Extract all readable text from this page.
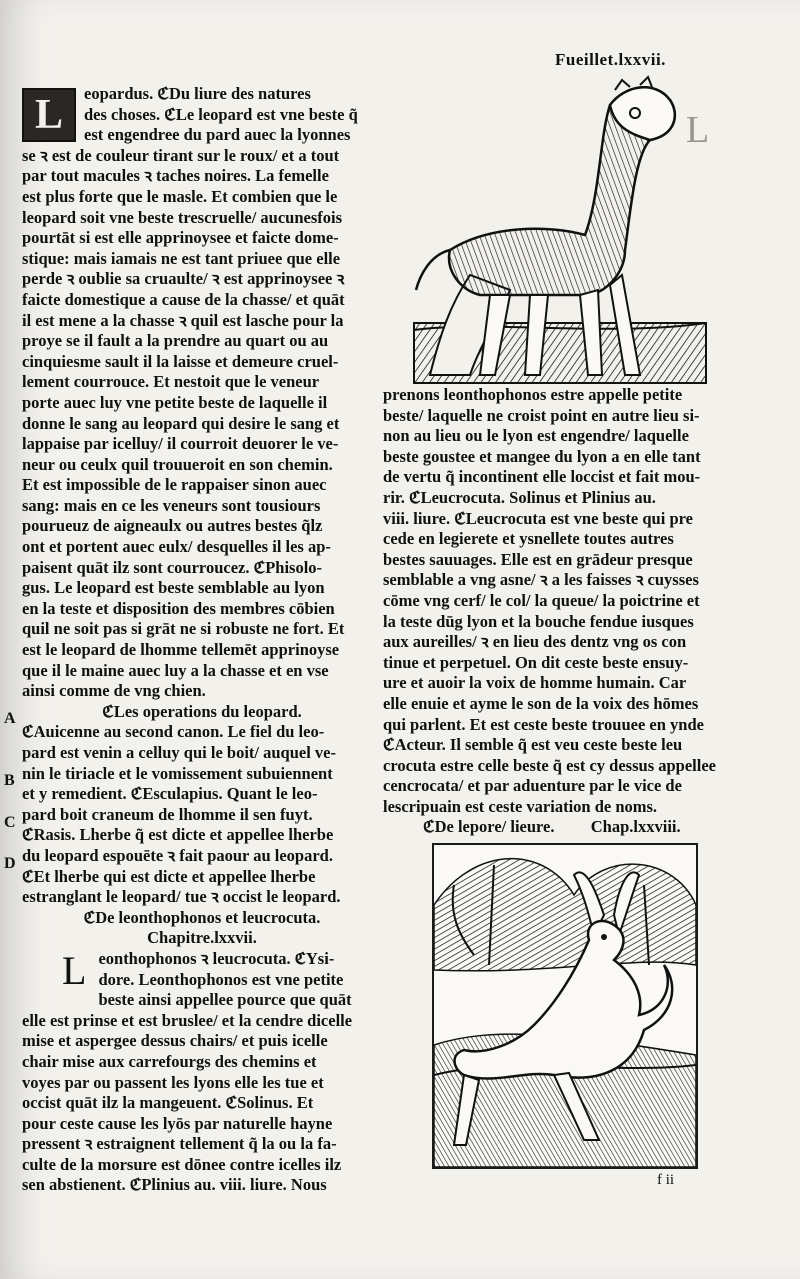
Fueillet.lxxvii.
L
L	eopardus. ℭDu liure des natures

des choses. ℭLe leopard est vne beste q̃

est engendree du pard auec la lyonnes

se ꝛ est de couleur tirant sur le roux/ et a tout

par tout macules ꝛ taches noires. La femelle

est plus forte que le masle. Et combien que le

leopard soit vne beste trescruelle/ aucunesfois

pourtāt si est elle apprinoysee et faicte dome-

stique: mais iamais ne est tant priuee que elle

perde ꝛ oublie sa cruaulte/ ꝛ est apprinoysee ꝛ

faicte domestique a cause de la chasse/ et quāt

il est mene a la chasse ꝛ quil est lasche pour la

proye se il fault a la prendre au quart ou au

cinquiesme sault il la laisse et demeure cruel-

lement courrouce. Et nestoit que le veneur

porte auec luy vne petite beste de laquelle il

donne le sang au leopard qui desire le sang et

lappaise par icelluy/ il courroit deuorer le ve-

neur ou ceulx quil trouueroit en son chemin.

Et est impossible de le rappaiser sinon auec

sang: mais en ce les veneurs sont tousiours

pourueuz de aigneaulx ou autres bestes q̃lz

ont et portent auec eulx/ desquelles il les ap-

paisent quāt ilz sont courroucez. ℭPhisolo-

gus. Le leopard est beste semblable au lyon

en la teste et disposition des membres cōbien

quil ne soit pas si grāt ne si robuste ne fort. Et

est le leopard de lhomme tellemēt apprinoyse

que il le maine auec luy a la chasse et en vse

ainsi comme de vng chien.

ℭLes operations du leopard.

ℭAuicenne au second canon. Le fiel du leo-

pard est venin a celluy qui le boit/ auquel ve-

nin le tiriacle et le vomissement subuiennent

et y remedient. ℭEsculapius. Quant le leo-

pard boit craneum de lhomme il sen fuyt.

ℭRasis. Lherbe q̃ est dicte et appellee lherbe

du leopard espouēte ꝛ fait paour au leopard.

ℭEt lherbe qui est dicte et appellee lherbe

estranglant le leopard/ tue ꝛ occist le leopard.

ℭDe leonthophonos et leucrocuta.

Chapitre.lxxvii.

L eonthophonos ꝛ leucrocuta. ℭYsi-

dore. Leonthophonos est vne petite

beste ainsi appellee pource que quāt

elle est prinse et est bruslee/ et la cendre dicelle

mise et aspergee dessus chairs/ et puis icelle

chair mise aux carrefourgs des chemins et

voyes par ou passent les lyons elle les tue et

occist quāt ilz la mangeuent. ℭSolinus. Et

pour ceste cause les lyōs par naturelle hayne

pressent ꝛ estraignent tellement q̃ la ou la fa-

culte de la morsure est dōnee contre icelles ilz

sen abstienent. ℭPlinius au. viii. liure. Nous

A
B
C
D

prenons leonthophonos estre appelle petite

beste/ laquelle ne croist point en autre lieu si-

non au lieu ou le lyon est engendre/ laquelle

beste goustee et mangee du lyon a en elle tant

de vertu q̃ incontinent elle loccist et fait mou-

rir. ℭLeucrocuta. Solinus et Plinius au.

viii. liure. ℭLeucrocuta est vne beste qui pre

cede en legierete et ysnellete toutes autres

bestes sauuages. Elle est en grādeur presque

semblable a vng asne/ ꝛ a les faisses ꝛ cuysses

cōme vng cerf/ le col/ la queue/ la poictrine et

la teste dūg lyon et la bouche fendue iusques

aux aureilles/ ꝛ en lieu des dentz vng os con

tinue et perpetuel. On dit ceste beste ensuy-

ure et auoir la voix de homme humain. Car

elle enuie et ayme le son de la voix des hōmes

qui parlent. Et est ceste beste trouuee en ynde

ℭActeur. Il semble q̃ est veu ceste beste leu

crocuta estre celle beste q̃ est cy dessus appellee

cencrocata/ et par aduenture par le vice de

lescripuain est ceste variation de noms.

ℭDe lepore/ lieure. Chap.lxxviii.

f ii
